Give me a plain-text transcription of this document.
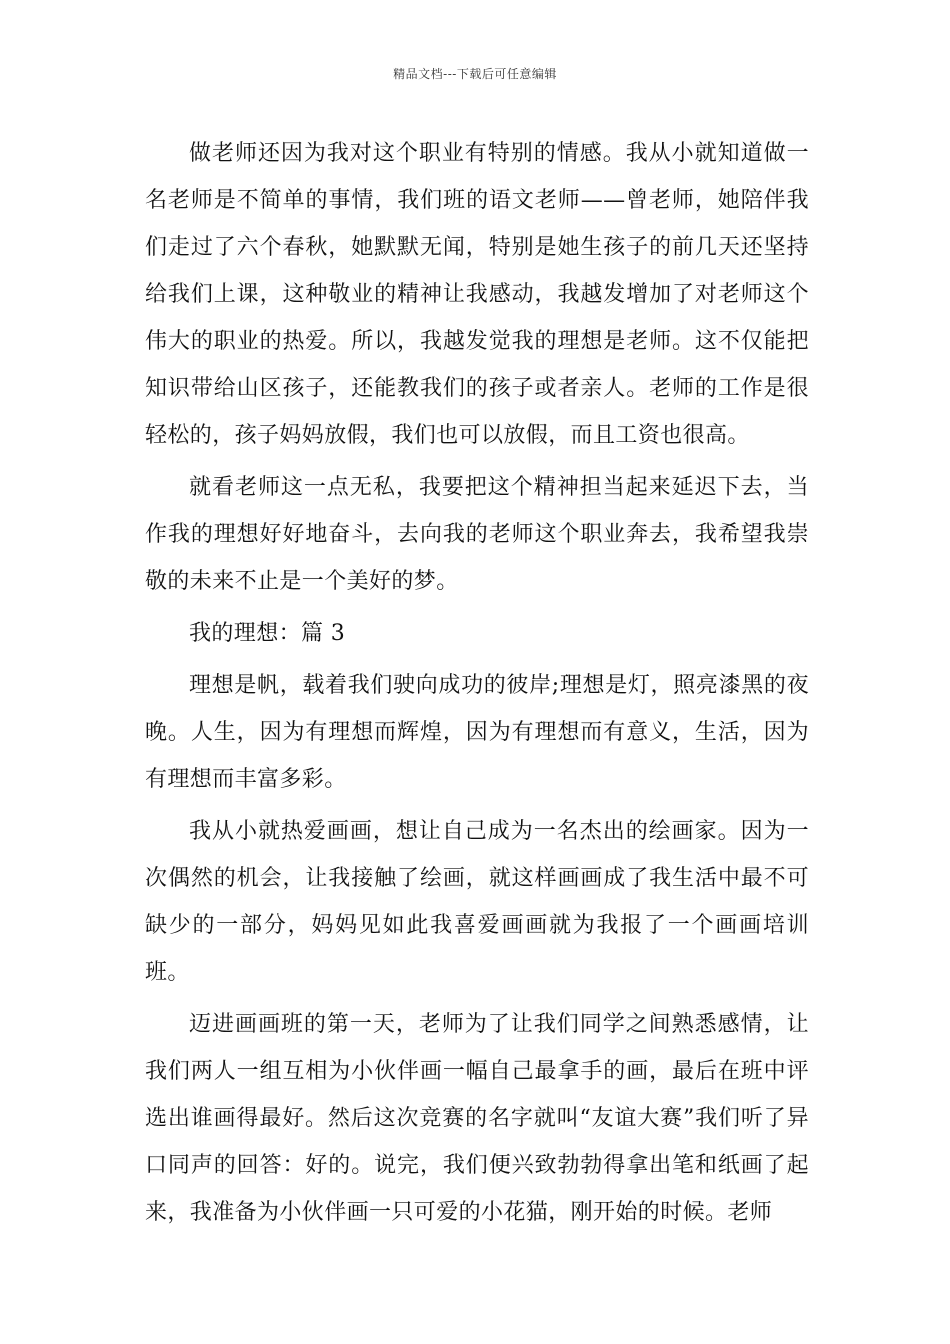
精品文档---下载后可任意编辑

做老师还因为我对这个职业有特别的情感。我从小就知道做一名老师是不简单的事情，我们班的语文老师——曾老师，她陪伴我们走过了六个春秋，她默默无闻，特别是她生孩子的前几天还坚持给我们上课，这种敬业的精神让我感动，我越发增加了对老师这个伟大的职业的热爱。所以，我越发觉我的理想是老师。这不仅能把知识带给山区孩子，还能教我们的孩子或者亲人。老师的工作是很轻松的，孩子妈妈放假，我们也可以放假，而且工资也很高。

就看老师这一点无私，我要把这个精神担当起来延迟下去，当作我的理想好好地奋斗，去向我的老师这个职业奔去，我希望我崇敬的未来不止是一个美好的梦。

我的理想：篇 3

理想是帆，载着我们驶向成功的彼岸;理想是灯，照亮漆黑的夜晚。人生，因为有理想而辉煌，因为有理想而有意义，生活，因为有理想而丰富多彩。

我从小就热爱画画，想让自己成为一名杰出的绘画家。因为一次偶然的机会，让我接触了绘画，就这样画画成了我生活中最不可缺少的一部分，妈妈见如此我喜爱画画就为我报了一个画画培训班。

迈进画画班的第一天，老师为了让我们同学之间熟悉感情，让我们两人一组互相为小伙伴画一幅自己最拿手的画，最后在班中评选出谁画得最好。然后这次竞赛的名字就叫“友谊大赛”我们听了异口同声的回答：好的。说完，我们便兴致勃勃得拿出笔和纸画了起来，我准备为小伙伴画一只可爱的小花猫，刚开始的时候。老师
